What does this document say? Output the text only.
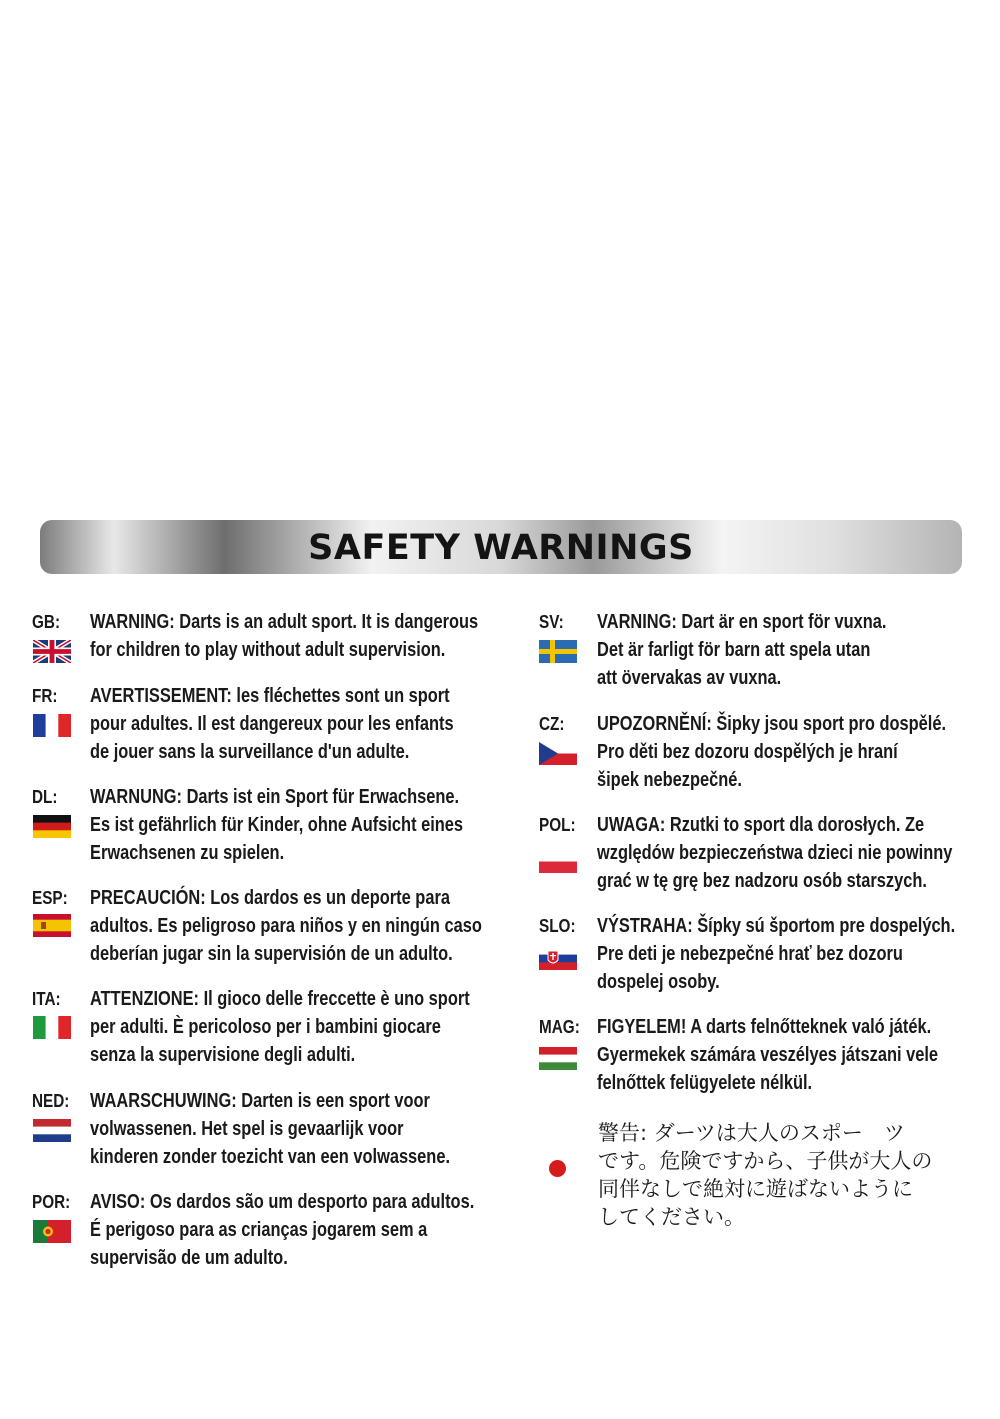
SAFETY WARNINGS
GB: WARNING: Darts is an adult sport. It is dangerous
for children to play without adult supervision.
FR: AVERTISSEMENT: les fléchettes sont un sport
pour adultes. Il est dangereux pour les enfants
de jouer sans la surveillance d'un adulte.
DL: WARNUNG: Darts ist ein Sport für Erwachsene.
Es ist gefährlich für Kinder, ohne Aufsicht eines
Erwachsenen zu spielen.
ESP: PRECAUCIÓN: Los dardos es un deporte para
adultos. Es peligroso para niños y en ningún caso
deberían jugar sin la supervisión de un adulto.
ITA: ATTENZIONE: Il gioco delle freccette è uno sport
per adulti. È pericoloso per i bambini giocare
senza la supervisione degli adulti.
NED: WAARSCHUWING: Darten is een sport voor
volwassenen. Het spel is gevaarlijk voor
kinderen zonder toezicht van een volwassene.
POR: AVISO: Os dardos são um desporto para adultos.
É perigoso para as crianças jogarem sem a
supervisão de um adulto.
SV: VARNING: Dart är en sport för vuxna.
Det är farligt för barn att spela utan
att övervakas av vuxna.
CZ: UPOZORNĚNÍ: Šipky jsou sport pro dospělé.
Pro děti bez dozoru dospělých je hraní
šipek nebezpečné.
POL: UWAGA: Rzutki to sport dla dorosłych. Ze
względów bezpieczeństwa dzieci nie powinny
grać w tę grę bez nadzoru osób starszych.
SLO: VÝSTRAHA: Šípky sú športom pre dospelých.
Pre deti je nebezpečné hrať bez dozoru
dospelej osoby.
MAG: FIGYELEM! A darts felnőtteknek való játék.
Gyermekek számára veszélyes játszani vele
felnőttek felügyelete nélkül.
警告: ダーツは大人のスポー　ツ
です。危険ですから、子供が大人の
同伴なしで絶対に遊ばないように
してください。
